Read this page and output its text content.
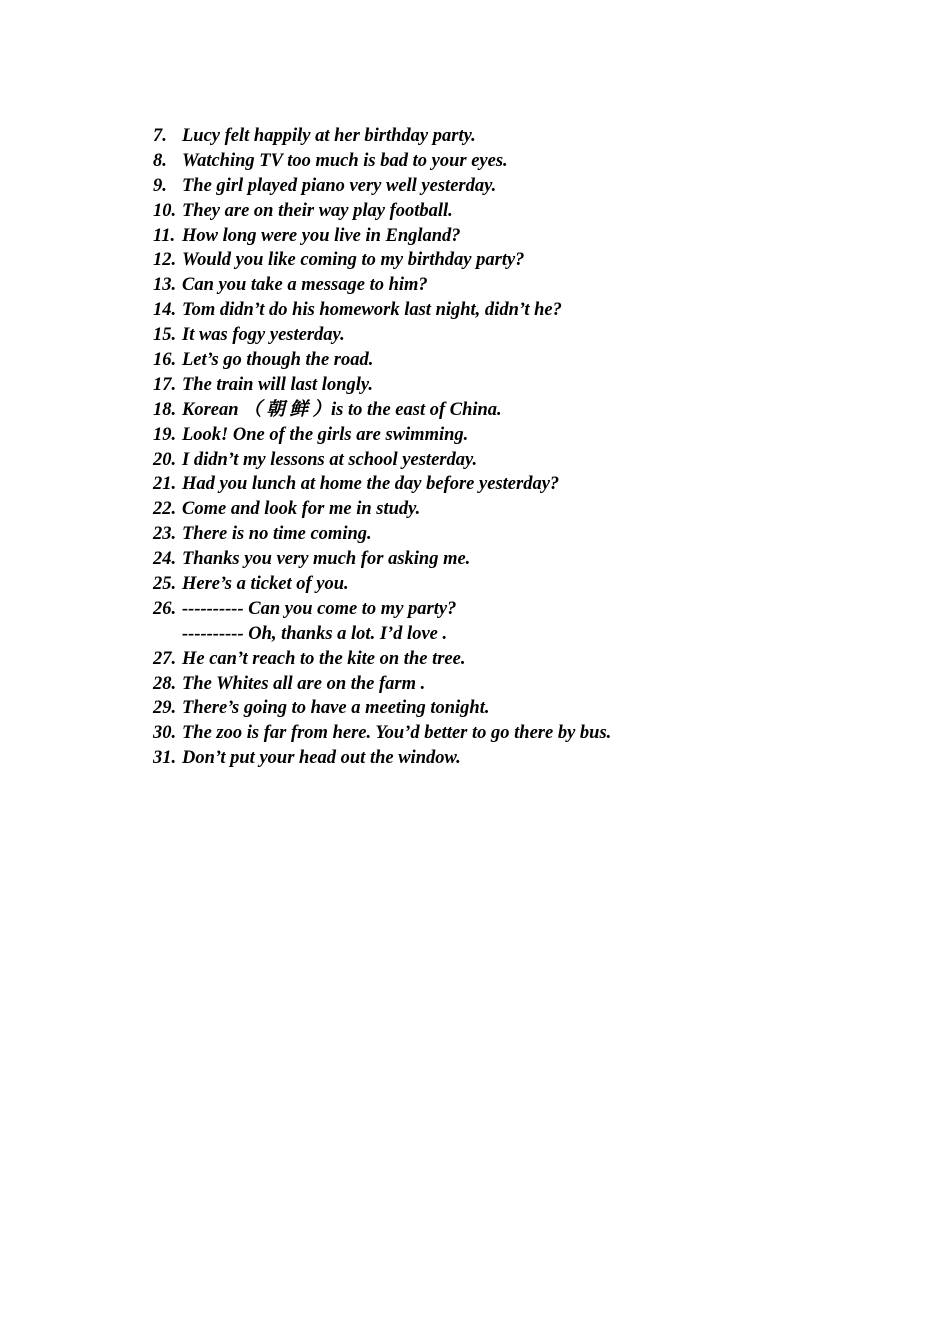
7. Lucy felt happily at her birthday party.
8. Watching TV too much is bad to your eyes.
9. The girl played piano very well yesterday.
10. They are on their way play football.
11. How long were you live in England?
12. Would you like coming to my birthday party?
13. Can you take a message to him?
14. Tom didn’t do his homework last night, didn’t he?
15. It was fogy yesterday.
16. Let’s go though the road.
17. The train will last longly.
18. Korean （ 朝 鲜 ）is to the east of China.
19. Look! One of the girls are swimming.
20. I didn’t my lessons at school yesterday.
21. Had you lunch at home the day before yesterday?
22. Come and look for me in study.
23. There is no time coming.
24. Thanks you very much for asking me.
25. Here’s a ticket of you.
26. ---------- Can you come to my party?
---------- Oh, thanks a lot. I’d love .
27. He can’t reach to the kite on the tree.
28. The Whites all are on the farm .
29. There’s going to have a meeting tonight.
30. The zoo is far from here. You’d better to go there by bus.
31. Don’t put your head out the window.
